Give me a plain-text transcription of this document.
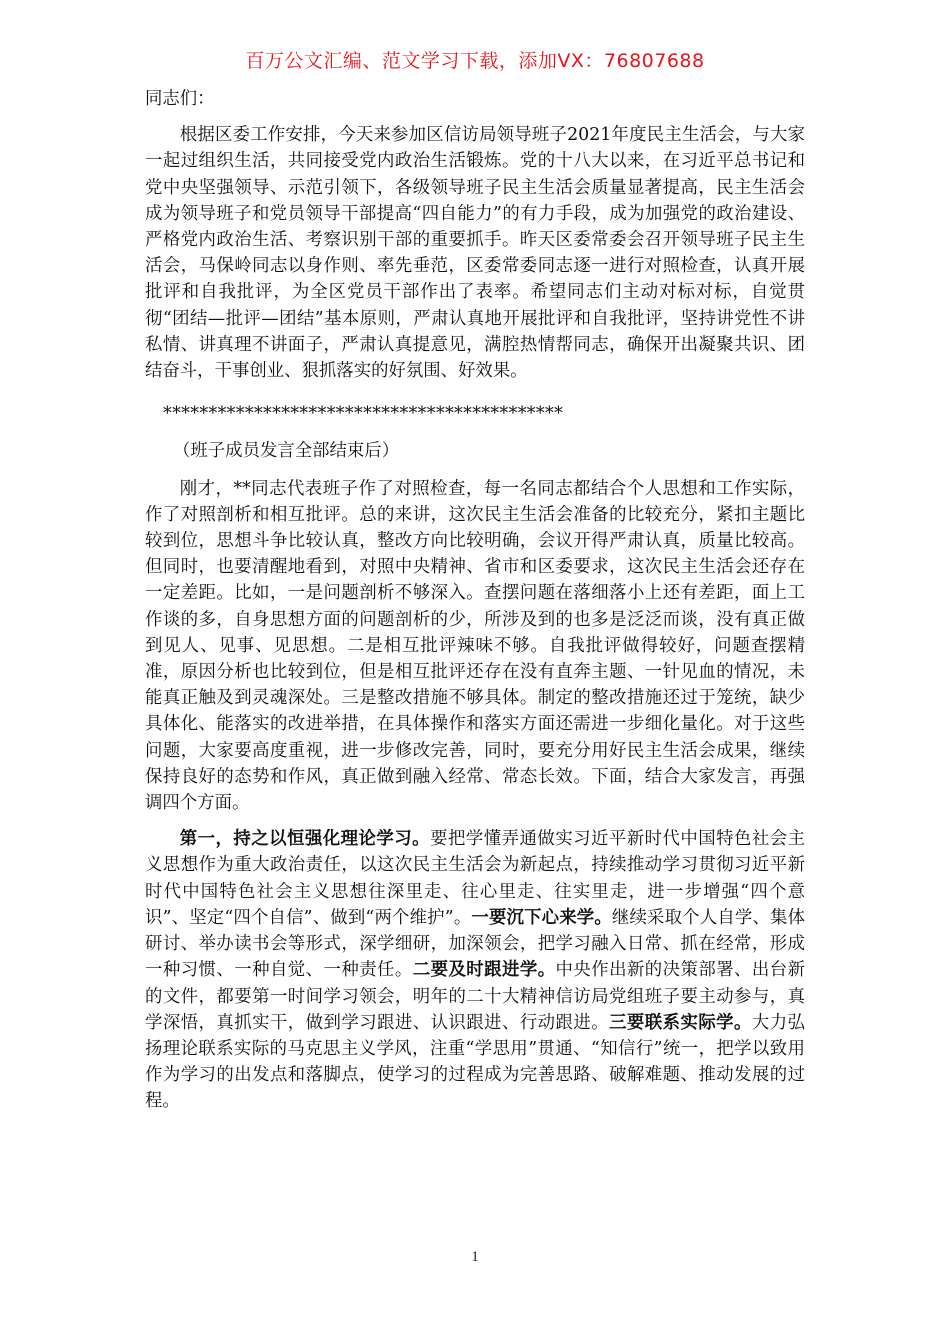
百万公文汇编、范文学习下载，添加VX：76807688

同志们：

根据区委工作安排，今天来参加区信访局领导班子2021年度民主生活会，与大家一起过组织生活，共同接受党内政治生活锻炼。党的十八大以来，在习近平总书记和党中央坚强领导、示范引领下，各级领导班子民主生活会质量显著提高，民主生活会成为领导班子和党员领导干部提高“四自能力”的有力手段，成为加强党的政治建设、严格党内政治生活、考察识别干部的重要抓手。昨天区委常委会召开领导班子民主生活会，马保岭同志以身作则、率先垂范，区委常委同志逐一进行对照检查，认真开展批评和自我批评，为全区党员干部作出了表率。希望同志们主动对标对标，自觉贯彻“团结—批评—团结”基本原则，严肃认真地开展批评和自我批评，坚持讲党性不讲私情、讲真理不讲面子，严肃认真提意见，满腔热情帮同志，确保开出凝聚共识、团结奋斗，干事创业、狠抓落实的好氛围、好效果。

********************************************

（班子成员发言全部结束后）

刚才，**同志代表班子作了对照检查，每一名同志都结合个人思想和工作实际，作了对照剖析和相互批评。总的来讲，这次民主生活会准备的比较充分，紧扣主题比较到位，思想斗争比较认真，整改方向比较明确，会议开得严肃认真，质量比较高。但同时，也要清醒地看到，对照中央精神、省市和区委要求，这次民主生活会还存在一定差距。比如，一是问题剖析不够深入。查摆问题在落细落小上还有差距，面上工作谈的多，自身思想方面的问题剖析的少，所涉及到的也多是泛泛而谈，没有真正做到见人、见事、见思想。二是相互批评辣味不够。自我批评做得较好，问题查摆精准，原因分析也比较到位，但是相互批评还存在没有直奔主题、一针见血的情况，未能真正触及到灵魂深处。三是整改措施不够具体。制定的整改措施还过于笼统，缺少具体化、能落实的改进举措，在具体操作和落实方面还需进一步细化量化。对于这些问题，大家要高度重视，进一步修改完善，同时，要充分用好民主生活会成果，继续保持良好的态势和作风，真正做到融入经常、常态长效。下面，结合大家发言，再强调四个方面。

第一，持之以恒强化理论学习。要把学懂弄通做实习近平新时代中国特色社会主义思想作为重大政治责任，以这次民主生活会为新起点，持续推动学习贯彻习近平新时代中国特色社会主义思想往深里走、往心里走、往实里走，进一步增强“四个意识”、坚定“四个自信”、做到“两个维护”。一要沉下心来学。继续采取个人自学、集体研讨、举办读书会等形式，深学细研，加深领会，把学习融入日常、抓在经常，形成一种习惯、一种自觉、一种责任。二要及时跟进学。中央作出新的决策部署、出台新的文件，都要第一时间学习领会，明年的二十大精神信访局党组班子要主动参与，真学深悟，真抓实干，做到学习跟进、认识跟进、行动跟进。三要联系实际学。大力弘扬理论联系实际的马克思主义学风，注重“学思用”贯通、“知信行”统一，把学以致用作为学习的出发点和落脚点，使学习的过程成为完善思路、破解难题、推动发展的过程。

1
